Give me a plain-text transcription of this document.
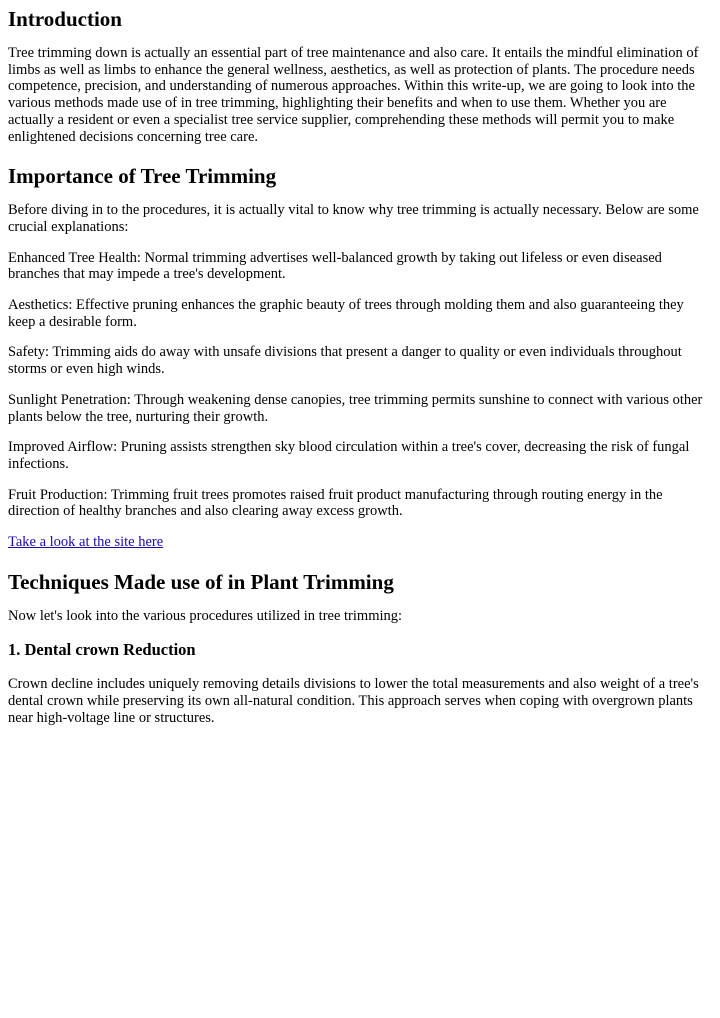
Introduction

Tree trimming down is actually an essential part of tree maintenance and also care. It entails the mindful elimination of limbs as well as limbs to enhance the general wellness, aesthetics, as well as protection of plants. The procedure needs competence, precision, and understanding of numerous approaches. Within this write-up, we are going to look into the various methods made use of in tree trimming, highlighting their benefits and when to use them. Whether you are actually a resident or even a specialist tree service supplier, comprehending these methods will permit you to make enlightened decisions concerning tree care.

Importance of Tree Trimming

Before diving in to the procedures, it is actually vital to know why tree trimming is actually necessary. Below are some crucial explanations:

Enhanced Tree Health: Normal trimming advertises well-balanced growth by taking out lifeless or even diseased branches that may impede a tree's development.

Aesthetics: Effective pruning enhances the graphic beauty of trees through molding them and also guaranteeing they keep a desirable form.

Safety: Trimming aids do away with unsafe divisions that present a danger to quality or even individuals throughout storms or even high winds.

Sunlight Penetration: Through weakening dense canopies, tree trimming permits sunshine to connect with various other plants below the tree, nurturing their growth.

Improved Airflow: Pruning assists strengthen sky blood circulation within a tree's cover, decreasing the risk of fungal infections.

Fruit Production: Trimming fruit trees promotes raised fruit product manufacturing through routing energy in the direction of healthy branches and also clearing away excess growth.

Take a look at the site here

Techniques Made use of in Plant Trimming

Now let's look into the various procedures utilized in tree trimming:

1. Dental crown Reduction

Crown decline includes uniquely removing details divisions to lower the total measurements and also weight of a tree's dental crown while preserving its own all-natural condition. This approach serves when coping with overgrown plants near high-voltage line or structures.
